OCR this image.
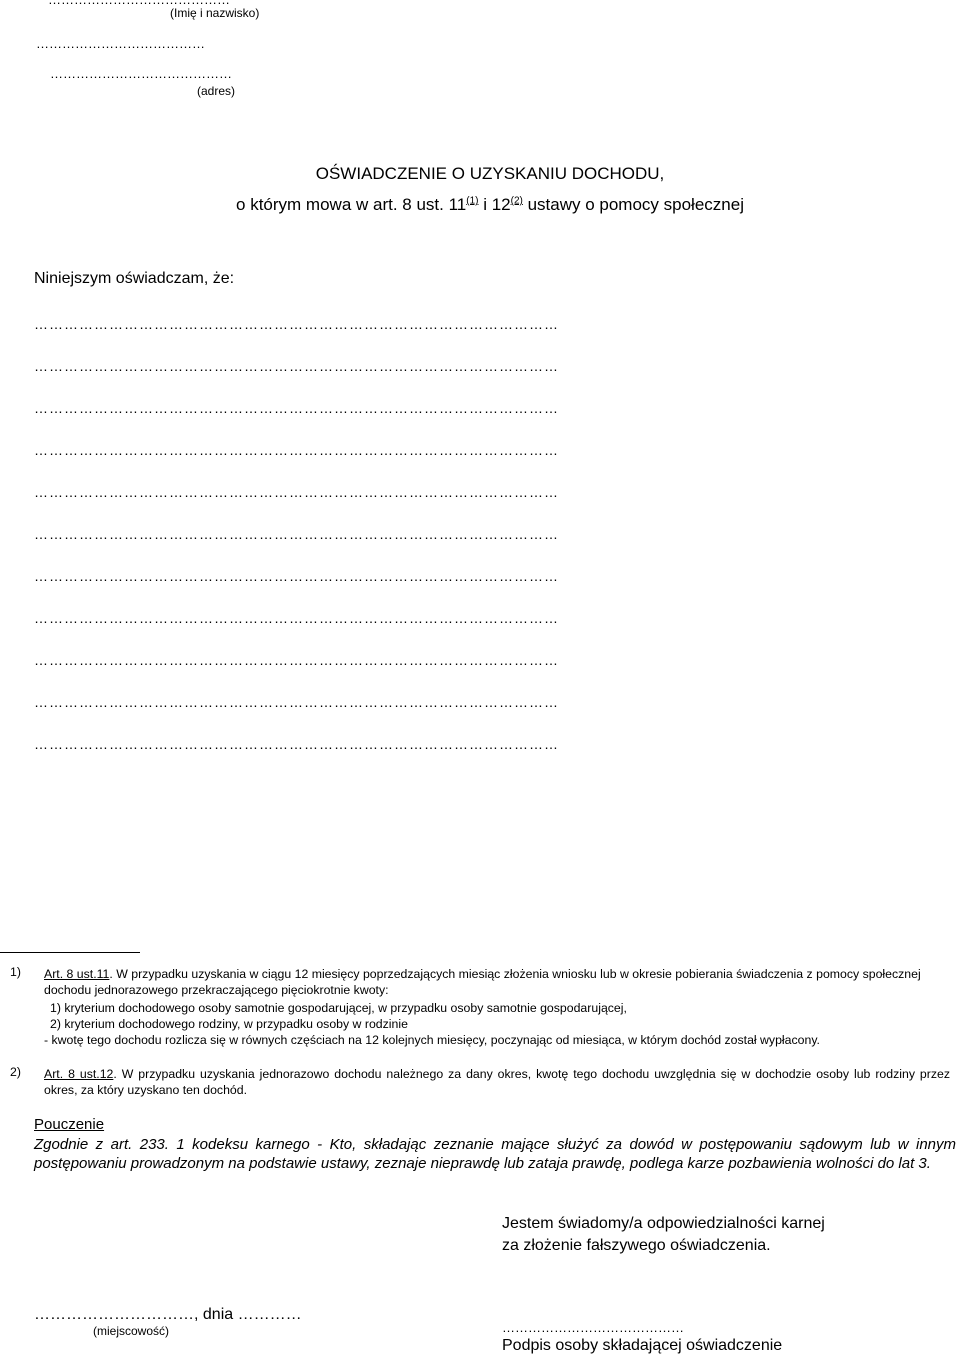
(Imię i nazwisko)
…………………………………
……………………………………
(adres)
OŚWIADCZENIE O UZYSKANIU DOCHODU,
o którym mowa w art. 8 ust. 11$^{(1)}$ i 12$^{(2)}$ ustawy o pomocy społecznej
Niniejszym oświadczam, że:
……………………………………………………………………………………………
……………………………………………………………………………………………
……………………………………………………………………………………………
……………………………………………………………………………………………
……………………………………………………………………………………………
……………………………………………………………………………………………
……………………………………………………………………………………………
……………………………………………………………………………………………
……………………………………………………………………………………………
……………………………………………………………………………………………
……………………………………………………………………………………………
1) Art. 8 ust.11. W przypadku uzyskania w ciągu 12 miesięcy poprzedzających miesiąc złożenia wniosku lub w okresie pobierania świadczenia z pomocy społecznej dochodu jednorazowego przekraczającego pięciokrotnie kwoty:
1) kryterium dochodowego osoby samotnie gospodarującej, w przypadku osoby samotnie gospodarującej,
2) kryterium dochodowego rodziny, w przypadku osoby w rodzinie
- kwotę tego dochodu rozlicza się w równych częściach na 12 kolejnych miesięcy, poczynając od miesiąca, w którym dochód został wypłacony.
2) Art. 8 ust.12. W przypadku uzyskania jednorazowo dochodu należnego za dany okres, kwotę tego dochodu uwzględnia się w dochodzie osoby lub rodziny przez okres, za który uzyskano ten dochód.
Pouczenie
Zgodnie z art. 233. 1 kodeksu karnego - Kto, składając zeznanie mające służyć za dowód w postępowaniu sądowym lub w innym postępowaniu prowadzonym na podstawie ustawy, zeznaje nieprawdę lub zataja prawdę, podlega karze pozbawienia wolności do lat 3.
Jestem świadomy/a odpowiedzialności karnej
za złożenie fałszywego oświadczenia.
…………………………, dnia …………
(miejscowość)	……………………………………
Podpis osoby składającej oświadczenie
